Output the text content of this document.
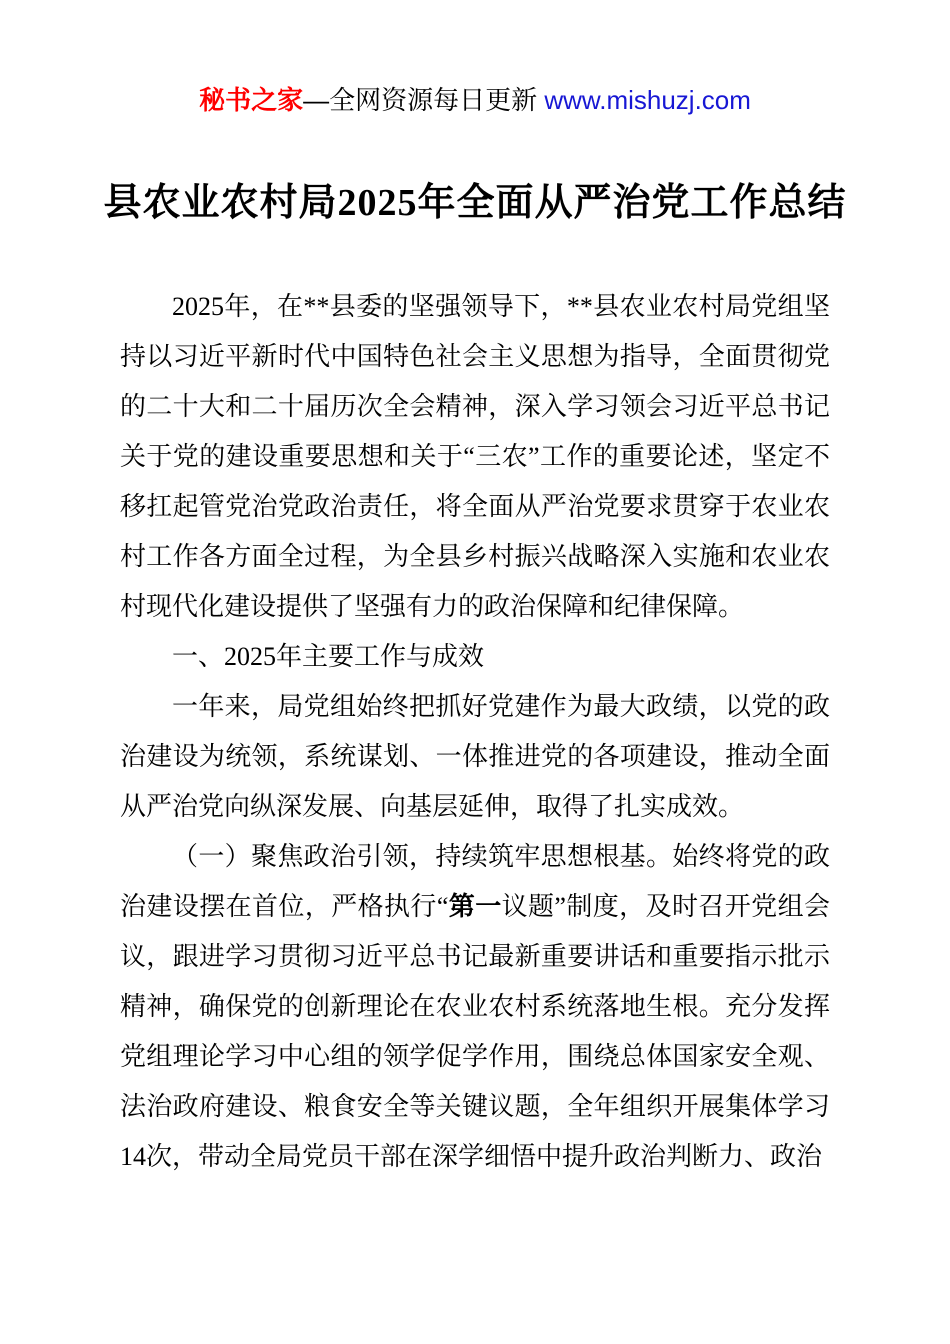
秘书之家—全网资源每日更新 www.mishuzj.com
县农业农村局2025年全面从严治党工作总结

2025年，在**县委的坚强领导下，**县农业农村局党组坚持以习近平新时代中国特色社会主义思想为指导，全面贯彻党的二十大和二十届历次全会精神，深入学习领会习近平总书记关于党的建设重要思想和关于“三农”工作的重要论述，坚定不移扛起管党治党政治责任，将全面从严治党要求贯穿于农业农村工作各方面全过程，为全县乡村振兴战略深入实施和农业农村现代化建设提供了坚强有力的政治保障和纪律保障。

一、2025年主要工作与成效

一年来，局党组始终把抓好党建作为最大政绩，以党的政治建设为统领，系统谋划、一体推进党的各项建设，推动全面从严治党向纵深发展、向基层延伸，取得了扎实成效。

（一）聚焦政治引领，持续筑牢思想根基。始终将党的政治建设摆在首位，严格执行“第一议题”制度，及时召开党组会议，跟进学习贯彻习近平总书记最新重要讲话和重要指示批示精神，确保党的创新理论在农业农村系统落地生根。充分发挥党组理论学习中心组的领学促学作用，围绕总体国家安全观、法治政府建设、粮食安全等关键议题，全年组织开展集体学习14次，带动全局党员干部在深学细悟中提升政治判断力、政治
